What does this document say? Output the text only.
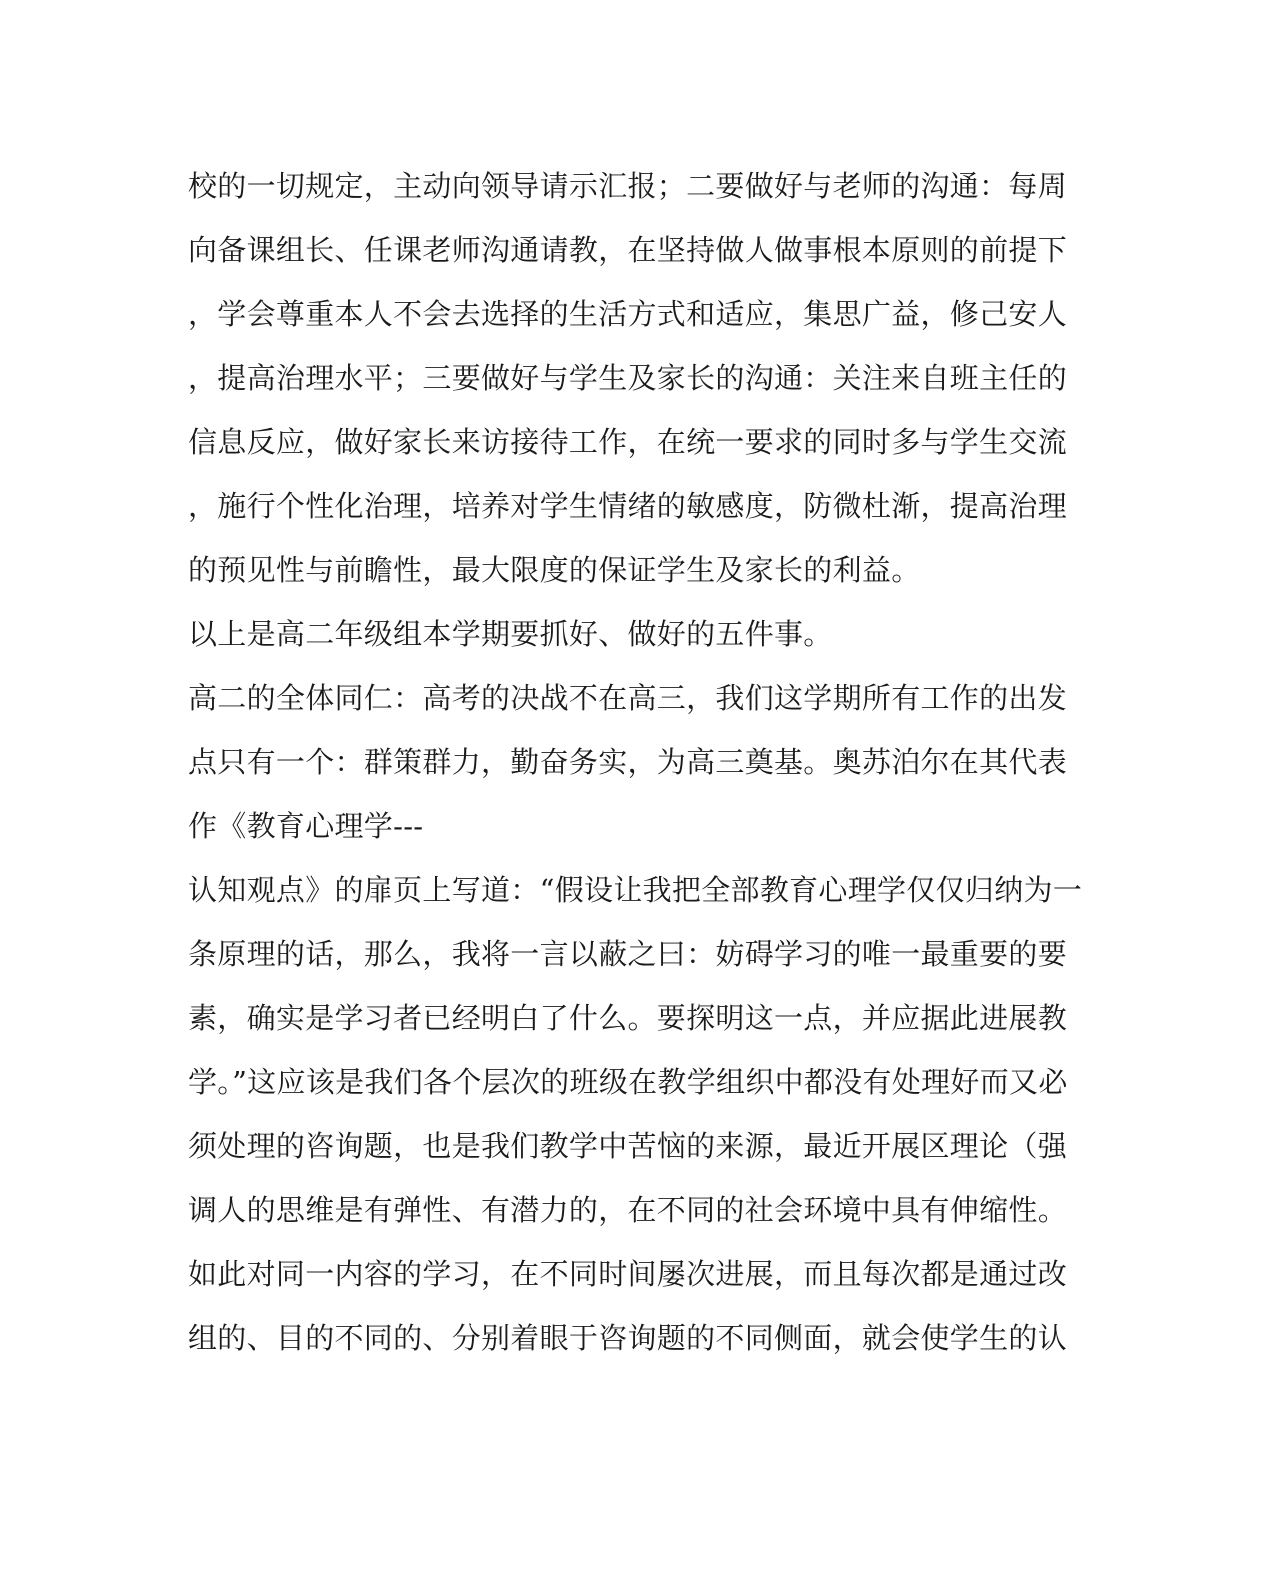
校的一切规定，主动向领导请示汇报；二要做好与老师的沟通：每周
向备课组长、任课老师沟通请教，在坚持做人做事根本原则的前提下
，学会尊重本人不会去选择的生活方式和适应，集思广益，修己安人
，提高治理水平；三要做好与学生及家长的沟通：关注来自班主任的
信息反应，做好家长来访接待工作，在统一要求的同时多与学生交流
，施行个性化治理，培养对学生情绪的敏感度，防微杜渐，提高治理
的预见性与前瞻性，最大限度的保证学生及家长的利益。
以上是高二年级组本学期要抓好、做好的五件事。
高二的全体同仁：高考的决战不在高三，我们这学期所有工作的出发
点只有一个：群策群力，勤奋务实，为高三奠基。奥苏泊尔在其代表
作《教育心理学---
认知观点》的扉页上写道：“假设让我把全部教育心理学仅仅归纳为一
条原理的话，那么，我将一言以蔽之曰：妨碍学习的唯一最重要的要
素，确实是学习者已经明白了什么。要探明这一点，并应据此进展教
学。”这应该是我们各个层次的班级在教学组织中都没有处理好而又必
须处理的咨询题，也是我们教学中苦恼的来源，最近开展区理论（强
调人的思维是有弹性、有潜力的，在不同的社会环境中具有伸缩性。
如此对同一内容的学习，在不同时间屡次进展，而且每次都是通过改
组的、目的不同的、分别着眼于咨询题的不同侧面，就会使学生的认
